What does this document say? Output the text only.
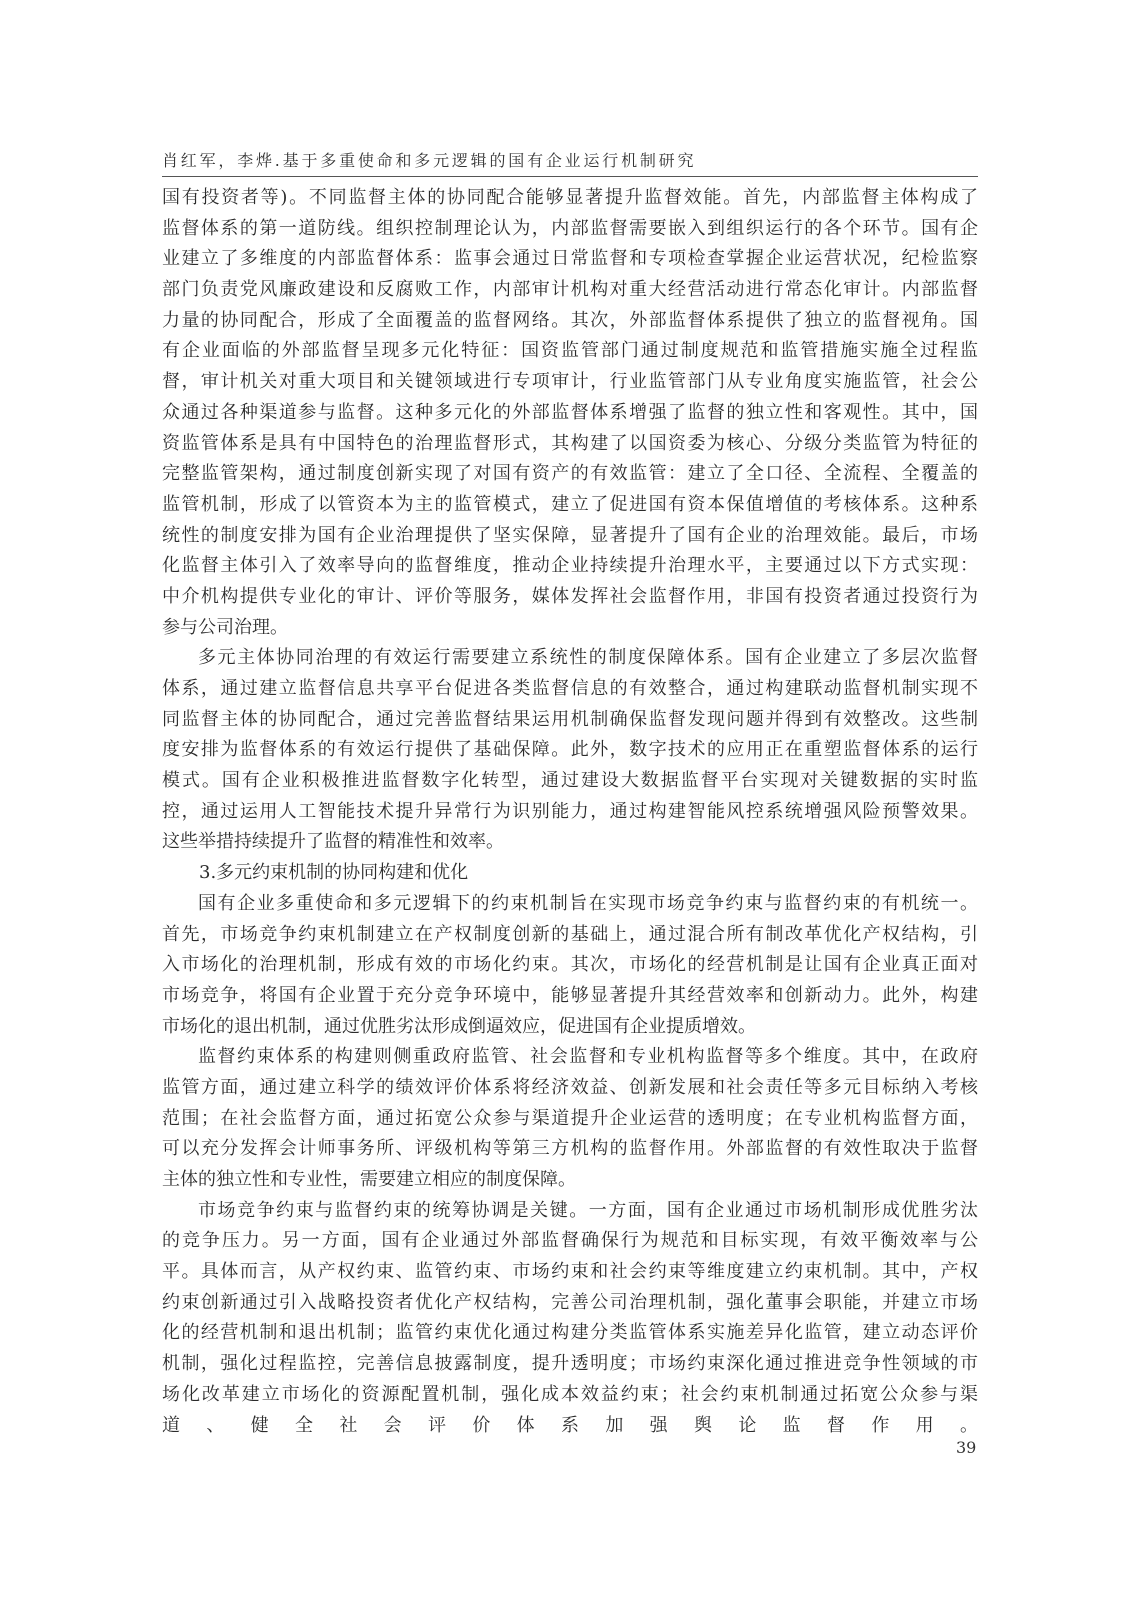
肖红军，李烨.基于多重使命和多元逻辑的国有企业运行机制研究
国有投资者等)。不同监督主体的协同配合能够显著提升监督效能。首先，内部监督主体构成了
监督体系的第一道防线。组织控制理论认为，内部监督需要嵌入到组织运行的各个环节。国有企
业建立了多维度的内部监督体系：监事会通过日常监督和专项检查掌握企业运营状况，纪检监察
部门负责党风廉政建设和反腐败工作，内部审计机构对重大经营活动进行常态化审计。内部监督
力量的协同配合，形成了全面覆盖的监督网络。其次，外部监督体系提供了独立的监督视角。国
有企业面临的外部监督呈现多元化特征：国资监管部门通过制度规范和监管措施实施全过程监
督，审计机关对重大项目和关键领域进行专项审计，行业监管部门从专业角度实施监管，社会公
众通过各种渠道参与监督。这种多元化的外部监督体系增强了监督的独立性和客观性。其中，国
资监管体系是具有中国特色的治理监督形式，其构建了以国资委为核心、分级分类监管为特征的
完整监管架构，通过制度创新实现了对国有资产的有效监管：建立了全口径、全流程、全覆盖的
监管机制，形成了以管资本为主的监管模式，建立了促进国有资本保值增值的考核体系。这种系
统性的制度安排为国有企业治理提供了坚实保障，显著提升了国有企业的治理效能。最后，市场
化监督主体引入了效率导向的监督维度，推动企业持续提升治理水平，主要通过以下方式实现：
中介机构提供专业化的审计、评价等服务，媒体发挥社会监督作用，非国有投资者通过投资行为
参与公司治理。
多元主体协同治理的有效运行需要建立系统性的制度保障体系。国有企业建立了多层次监督
体系，通过建立监督信息共享平台促进各类监督信息的有效整合，通过构建联动监督机制实现不
同监督主体的协同配合，通过完善监督结果运用机制确保监督发现问题并得到有效整改。这些制
度安排为监督体系的有效运行提供了基础保障。此外，数字技术的应用正在重塑监督体系的运行
模式。国有企业积极推进监督数字化转型，通过建设大数据监督平台实现对关键数据的实时监
控，通过运用人工智能技术提升异常行为识别能力，通过构建智能风控系统增强风险预警效果。
这些举措持续提升了监督的精准性和效率。
3.多元约束机制的协同构建和优化
国有企业多重使命和多元逻辑下的约束机制旨在实现市场竞争约束与监督约束的有机统一。
首先，市场竞争约束机制建立在产权制度创新的基础上，通过混合所有制改革优化产权结构，引
入市场化的治理机制，形成有效的市场化约束。其次，市场化的经营机制是让国有企业真正面对
市场竞争，将国有企业置于充分竞争环境中，能够显著提升其经营效率和创新动力。此外，构建
市场化的退出机制，通过优胜劣汰形成倒逼效应，促进国有企业提质增效。
监督约束体系的构建则侧重政府监管、社会监督和专业机构监督等多个维度。其中，在政府
监管方面，通过建立科学的绩效评价体系将经济效益、创新发展和社会责任等多元目标纳入考核
范围；在社会监督方面，通过拓宽公众参与渠道提升企业运营的透明度；在专业机构监督方面，
可以充分发挥会计师事务所、评级机构等第三方机构的监督作用。外部监督的有效性取决于监督
主体的独立性和专业性，需要建立相应的制度保障。
市场竞争约束与监督约束的统筹协调是关键。一方面，国有企业通过市场机制形成优胜劣汰
的竞争压力。另一方面，国有企业通过外部监督确保行为规范和目标实现，有效平衡效率与公
平。具体而言，从产权约束、监管约束、市场约束和社会约束等维度建立约束机制。其中，产权
约束创新通过引入战略投资者优化产权结构，完善公司治理机制，强化董事会职能，并建立市场
化的经营机制和退出机制；监管约束优化通过构建分类监管体系实施差异化监管，建立动态评价
机制，强化过程监控，完善信息披露制度，提升透明度；市场约束深化通过推进竞争性领域的市
场化改革建立市场化的资源配置机制，强化成本效益约束；社会约束机制通过拓宽公众参与渠
道、健全社会评价体系加强舆论监督作用。
39
